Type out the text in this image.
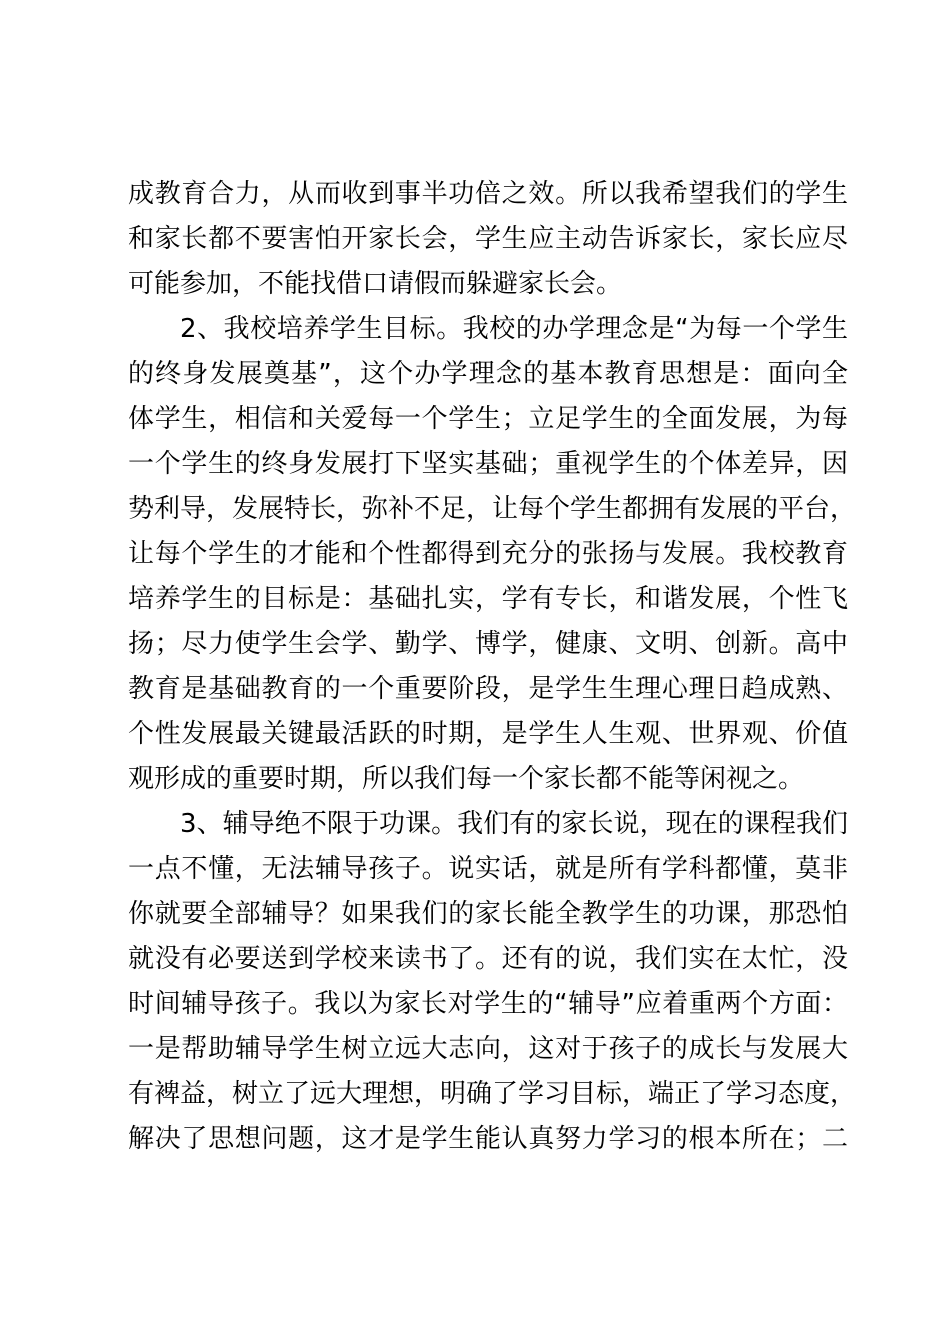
成教育合力，从而收到事半功倍之效。所以我希望我们的学生
和家长都不要害怕开家长会，学生应主动告诉家长，家长应尽
可能参加，不能找借口请假而躲避家长会。
2、我校培养学生目标。我校的办学理念是“为每一个学生
的终身发展奠基”，这个办学理念的基本教育思想是：面向全
体学生，相信和关爱每一个学生；立足学生的全面发展，为每
一个学生的终身发展打下坚实基础；重视学生的个体差异，因
势利导，发展特长，弥补不足，让每个学生都拥有发展的平台，
让每个学生的才能和个性都得到充分的张扬与发展。我校教育
培养学生的目标是：基础扎实，学有专长，和谐发展，个性飞
扬；尽力使学生会学、勤学、博学，健康、文明、创新。高中
教育是基础教育的一个重要阶段，是学生生理心理日趋成熟、
个性发展最关键最活跃的时期，是学生人生观、世界观、价值
观形成的重要时期，所以我们每一个家长都不能等闲视之。
3、辅导绝不限于功课。我们有的家长说，现在的课程我们
一点不懂，无法辅导孩子。说实话，就是所有学科都懂，莫非
你就要全部辅导？如果我们的家长能全教学生的功课，那恐怕
就没有必要送到学校来读书了。还有的说，我们实在太忙，没
时间辅导孩子。我以为家长对学生的“辅导”应着重两个方面：
一是帮助辅导学生树立远大志向，这对于孩子的成长与发展大
有裨益，树立了远大理想，明确了学习目标，端正了学习态度，
解决了思想问题，这才是学生能认真努力学习的根本所在；二
